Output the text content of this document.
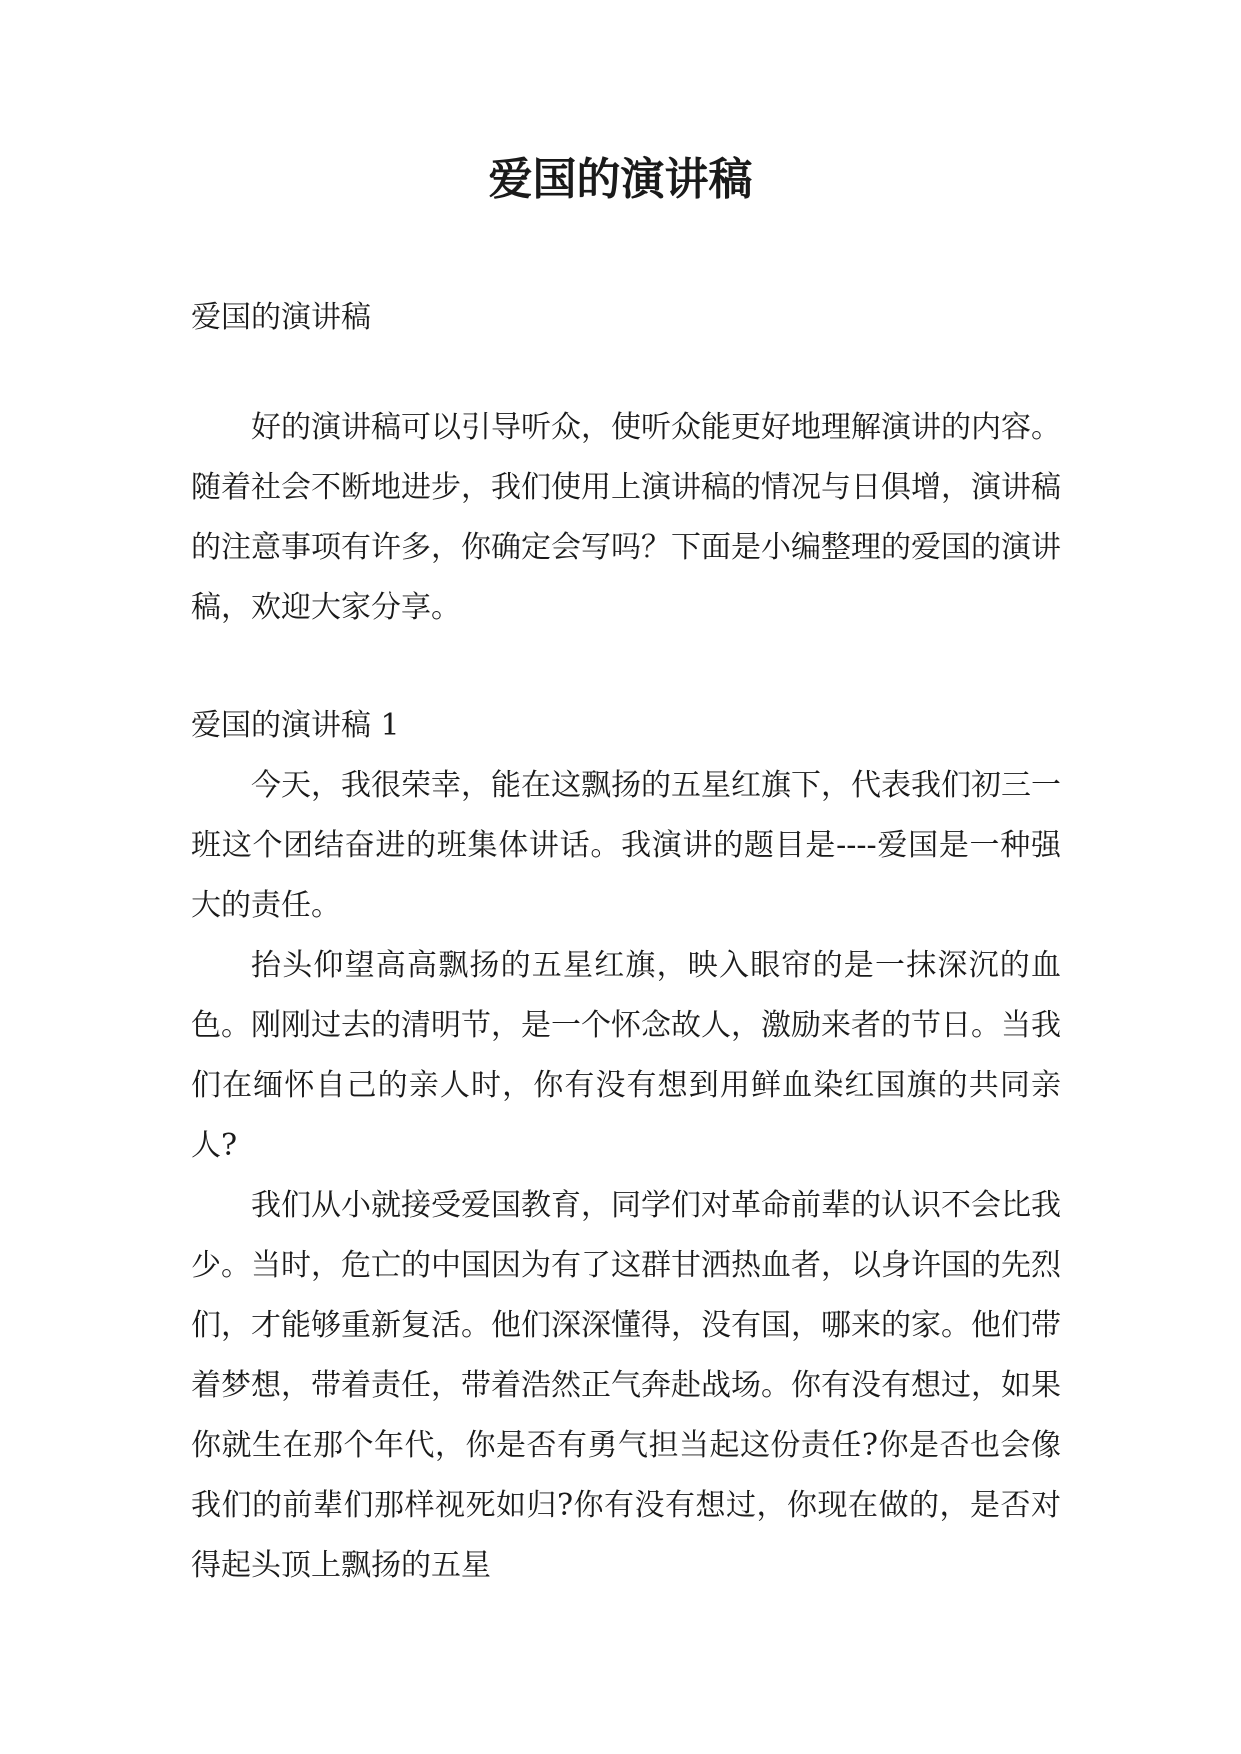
爱国的演讲稿
爱国的演讲稿

好的演讲稿可以引导听众，使听众能更好地理解演讲的内容。随着社会不断地进步，我们使用上演讲稿的情况与日俱增，演讲稿的注意事项有许多，你确定会写吗？下面是小编整理的爱国的演讲稿，欢迎大家分享。

爱国的演讲稿 1

今天，我很荣幸，能在这飘扬的五星红旗下，代表我们初三一班这个团结奋进的班集体讲话。我演讲的题目是----爱国是一种强大的责任。

抬头仰望高高飘扬的五星红旗，映入眼帘的是一抹深沉的血色。刚刚过去的清明节，是一个怀念故人，激励来者的节日。当我们在缅怀自己的亲人时，你有没有想到用鲜血染红国旗的共同亲人?

我们从小就接受爱国教育，同学们对革命前辈的认识不会比我少。当时，危亡的中国因为有了这群甘洒热血者，以身许国的先烈们，才能够重新复活。他们深深懂得，没有国，哪来的家。他们带着梦想，带着责任，带着浩然正气奔赴战场。你有没有想过，如果你就生在那个年代，你是否有勇气担当起这份责任?你是否也会像我们的前辈们那样视死如归?你有没有想过，你现在做的，是否对得起头顶上飘扬的五星
